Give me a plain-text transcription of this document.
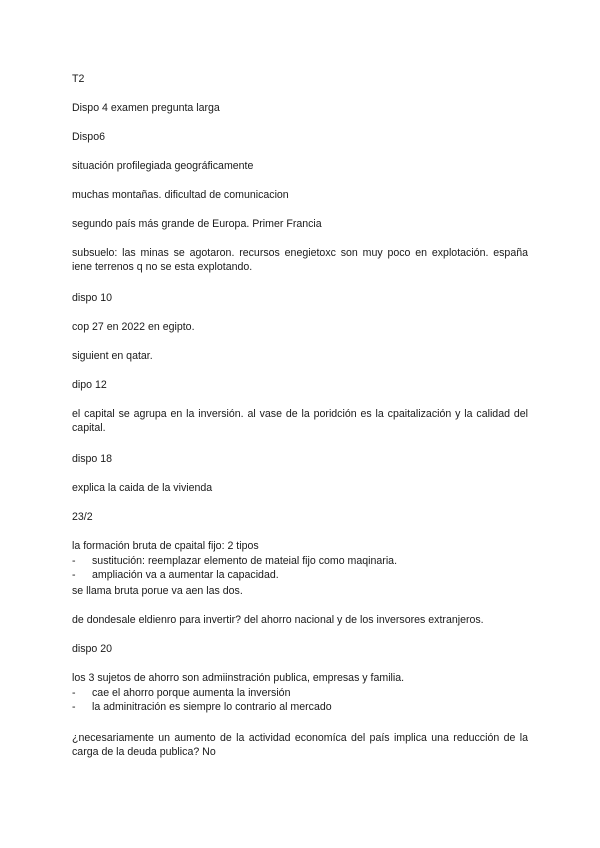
T2

Dispo 4 examen pregunta larga

Dispo6

situación profilegiada geográficamente

muchas montañas. dificultad de comunicacion

segundo país más grande de Europa. Primer Francia

subsuelo: las minas se agotaron. recursos enegietoxc son muy poco en explotación. españa iene terrenos q no se esta explotando.

dispo 10

cop 27 en 2022 en egipto.

siguient en qatar.

dipo 12

el capital se agrupa en la inversión. al vase de la poridción es la cpaitalización y la calidad del capital.

dispo 18

explica la caida de la vivienda

23/2

la formación bruta de cpaital fijo: 2 tipos

- sustitución: reemplazar elemento de mateial fijo como maqinaria.
- ampliación va a aumentar la capacidad.

se llama bruta porue va aen las dos.

de dondesale eldienro para invertir? del ahorro nacional y de los inversores extranjeros.

dispo 20

los 3 sujetos de ahorro son admiinstración publica, empresas y familia.

- cae el ahorro porque aumenta la inversión
- la adminitración es siempre lo contrario al mercado

¿necesariamente un aumento de la actividad economíca del país implica una reducción de la carga de la deuda publica? No
